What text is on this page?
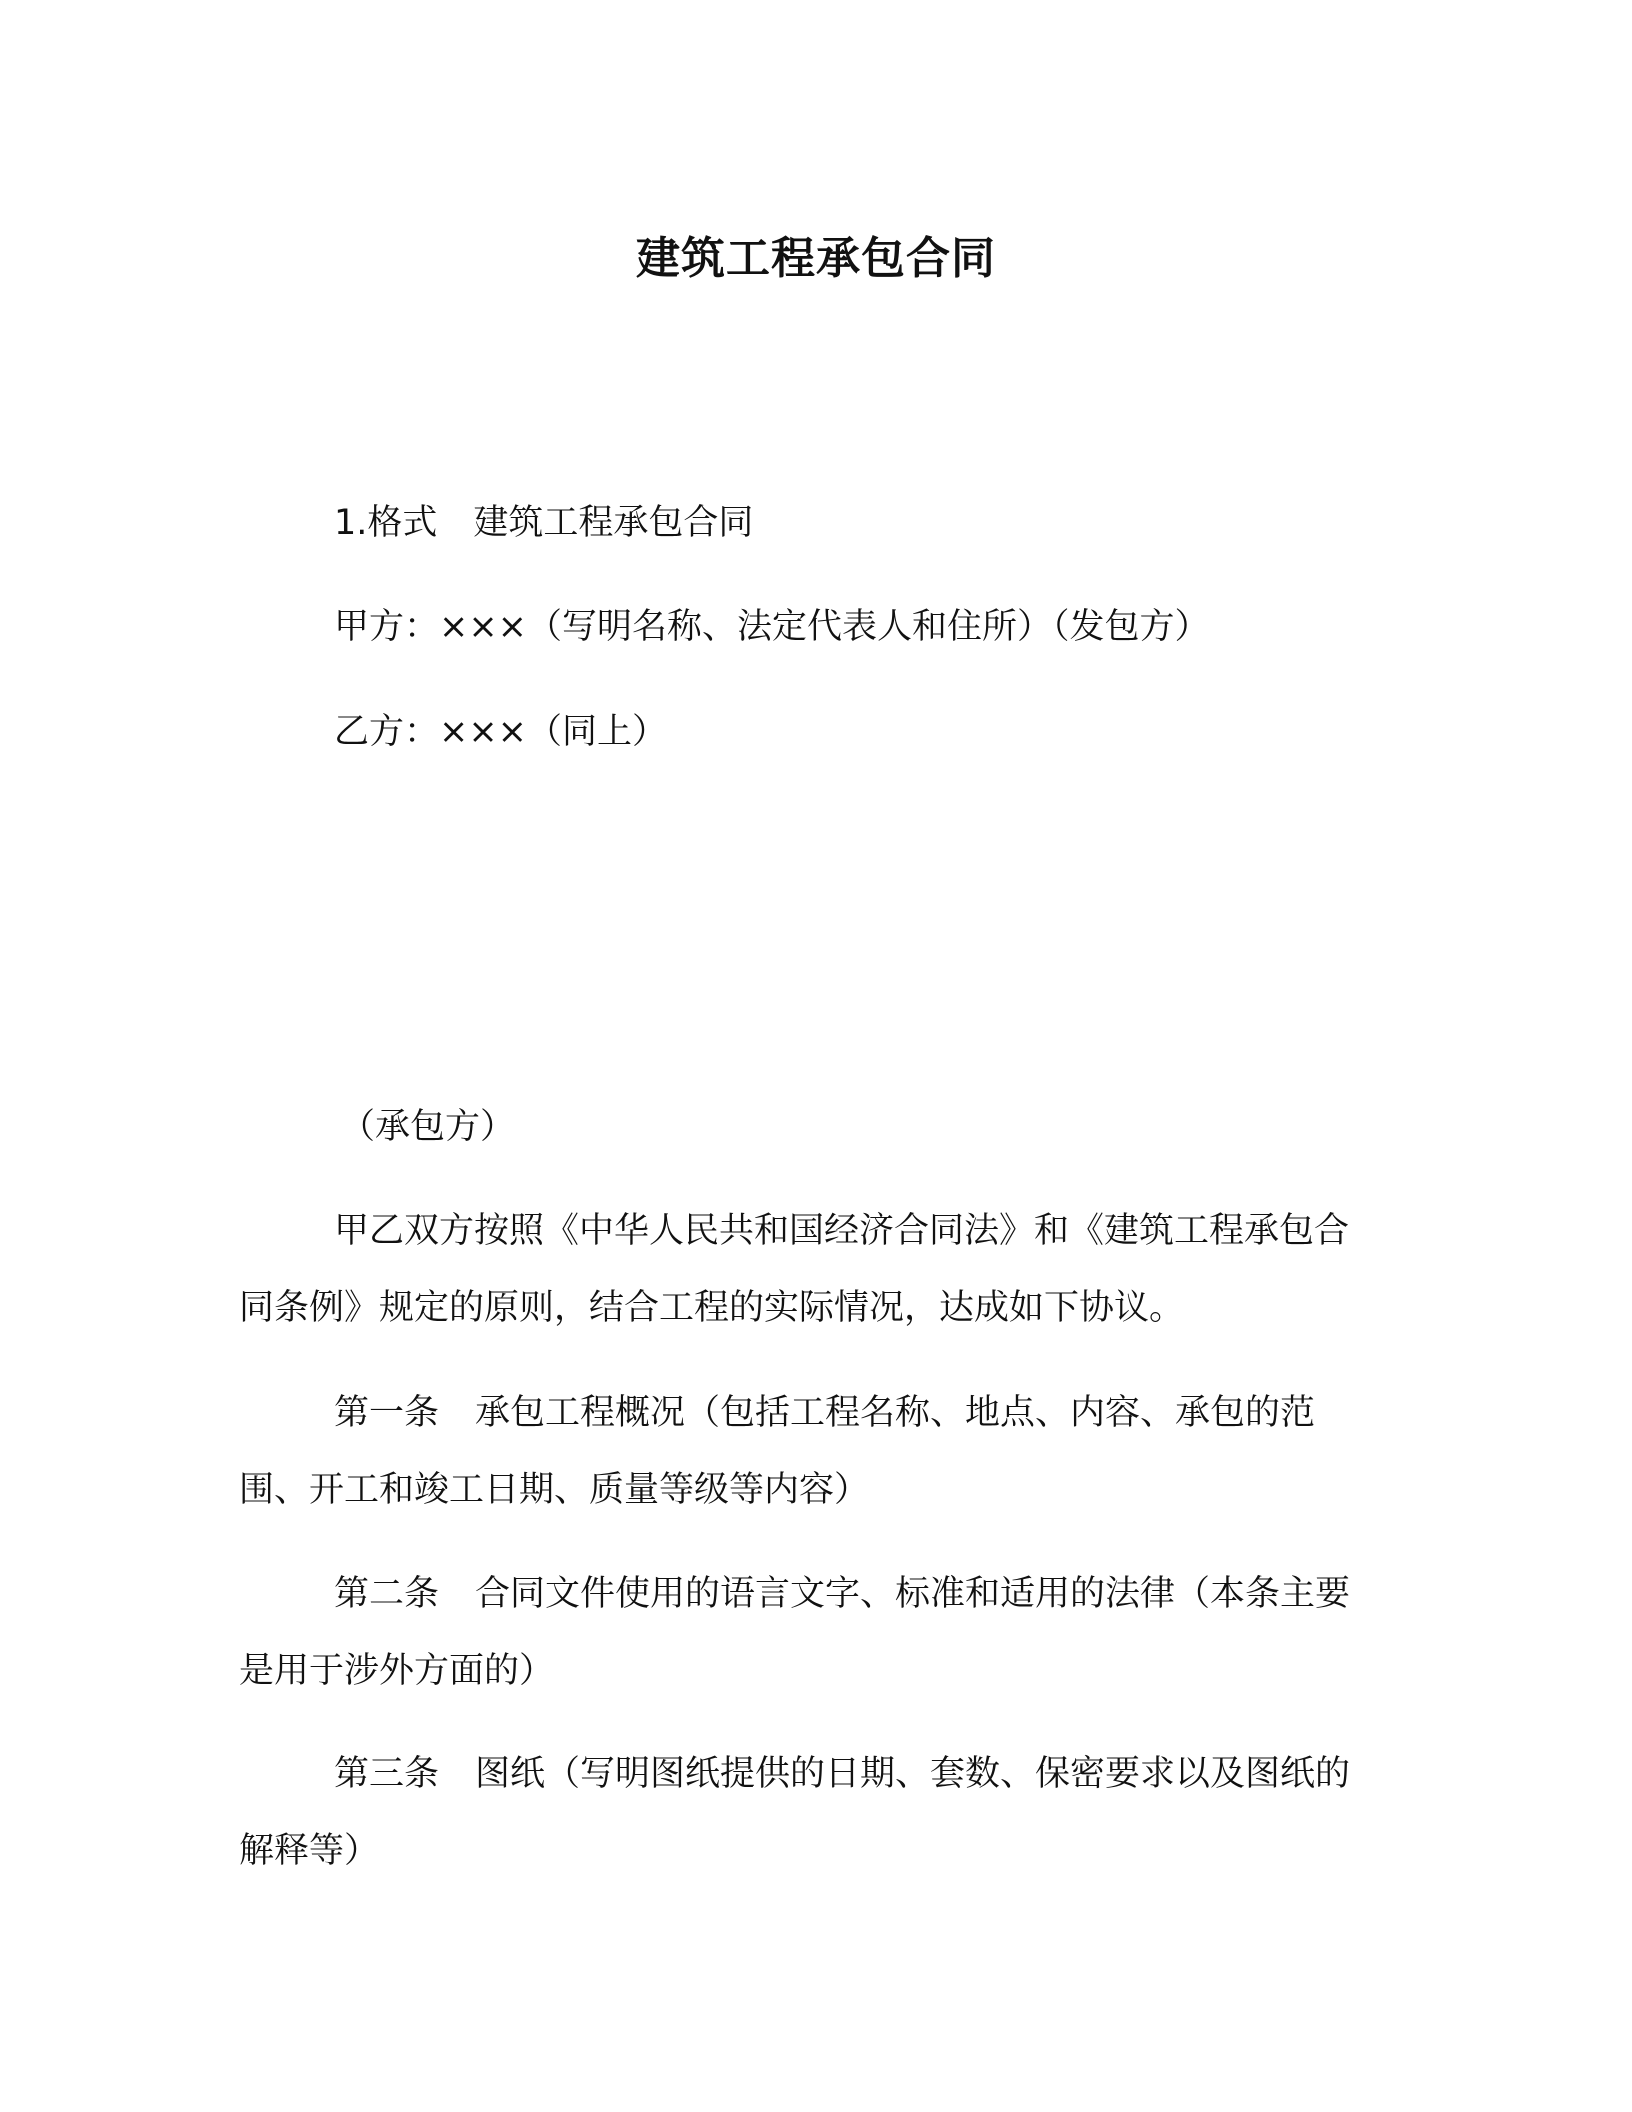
建筑工程承包合同
1.格式 建筑工程承包合同
甲方：×××（写明名称、法定代表人和住所）（发包方）
乙方：×××（同上）
（承包方）

甲乙双方按照《中华人民共和国经济合同法》和《建筑工程承包合同条例》规定的原则，结合工程的实际情况，达成如下协议。

第一条 承包工程概况（包括工程名称、地点、内容、承包的范围、开工和竣工日期、质量等级等内容）

第二条 合同文件使用的语言文字、标准和适用的法律（本条主要是用于涉外方面的）

第三条 图纸（写明图纸提供的日期、套数、保密要求以及图纸的解释等）
